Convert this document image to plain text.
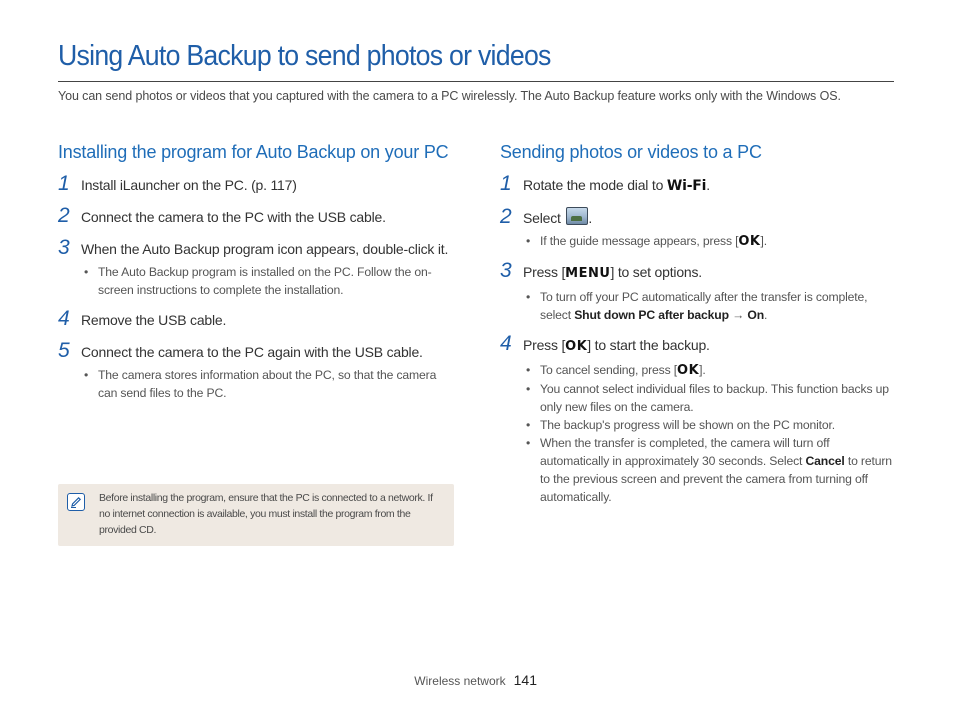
Using Auto Backup to send photos or videos
You can send photos or videos that you captured with the camera to a PC wirelessly. The Auto Backup feature works only with the Windows OS.
Installing the program for Auto Backup on your PC
1 Install iLauncher on the PC. (p. 117)
2 Connect the camera to the PC with the USB cable.
3 When the Auto Backup program icon appears, double-click it.
• The Auto Backup program is installed on the PC. Follow the on-screen instructions to complete the installation.
4 Remove the USB cable.
5 Connect the camera to the PC again with the USB cable.
• The camera stores information about the PC, so that the camera can send files to the PC.
Before installing the program, ensure that the PC is connected to a network. If no internet connection is available, you must install the program from the provided CD.
Sending photos or videos to a PC
1 Rotate the mode dial to Wi-Fi.
2 Select .
• If the guide message appears, press [OK].
3 Press [MENU] to set options.
• To turn off your PC automatically after the transfer is complete, select Shut down PC after backup → On.
4 Press [OK] to start the backup.
• To cancel sending, press [OK].
• You cannot select individual files to backup. This function backs up only new files on the camera.
• The backup's progress will be shown on the PC monitor.
• When the transfer is completed, the camera will turn off automatically in approximately 30 seconds. Select Cancel to return to the previous screen and prevent the camera from turning off automatically.
Wireless network 141
